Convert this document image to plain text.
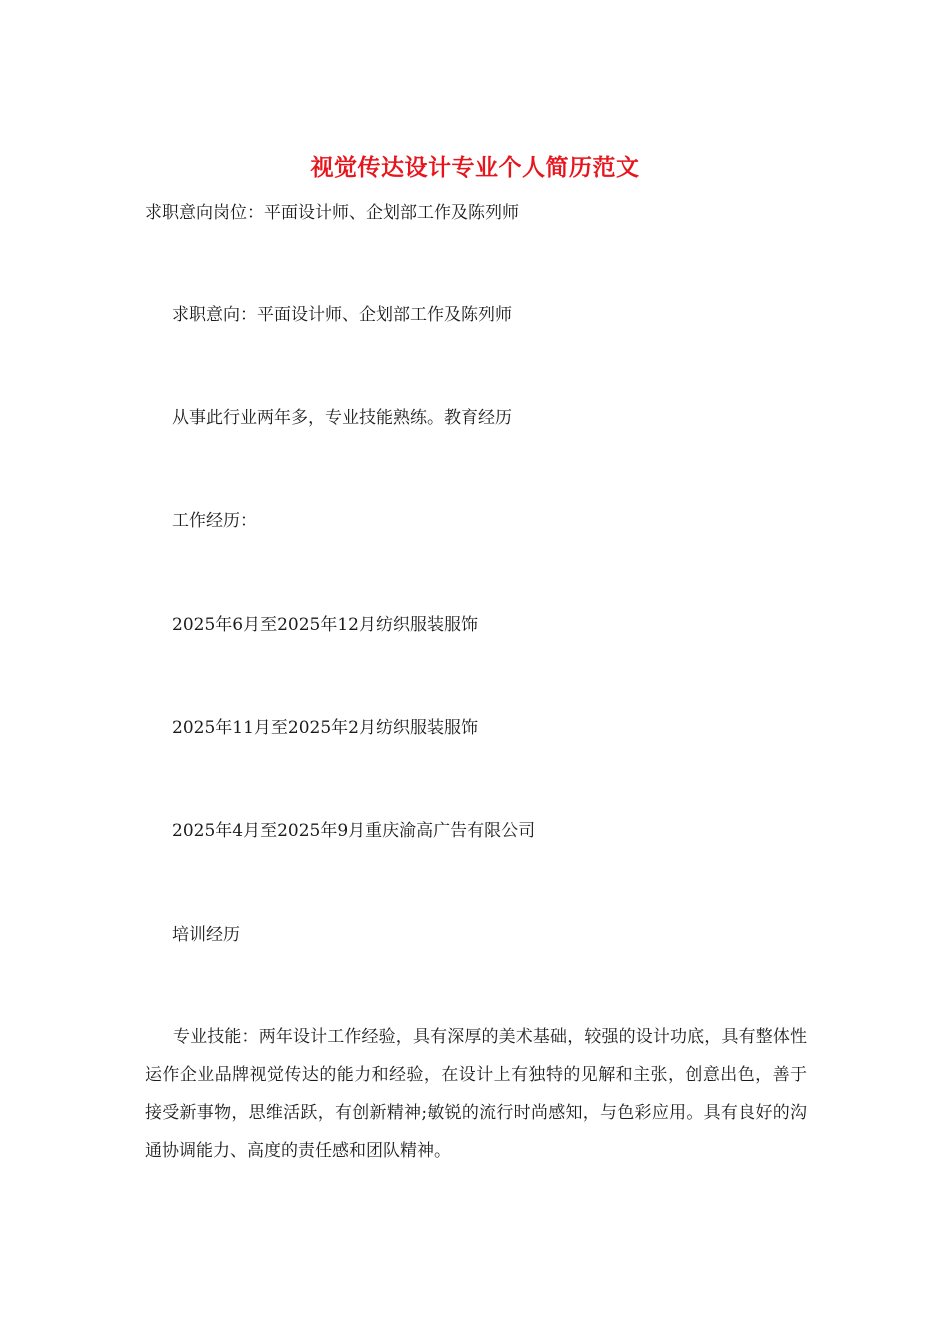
视觉传达设计专业个人简历范文
求职意向岗位：平面设计师、企划部工作及陈列师
求职意向：平面设计师、企划部工作及陈列师
从事此行业两年多，专业技能熟练。教育经历
工作经历：
2025年6月至2025年12月纺织服装服饰
2025年11月至2025年2月纺织服装服饰
2025年4月至2025年9月重庆渝高广告有限公司
培训经历
专业技能：两年设计工作经验，具有深厚的美术基础，较强的设计功底，具有整体性运作企业品牌视觉传达的能力和经验，在设计上有独特的见解和主张，创意出色，善于接受新事物，思维活跃，有创新精神;敏锐的流行时尚感知，与色彩应用。具有良好的沟通协调能力、高度的责任感和团队精神。
